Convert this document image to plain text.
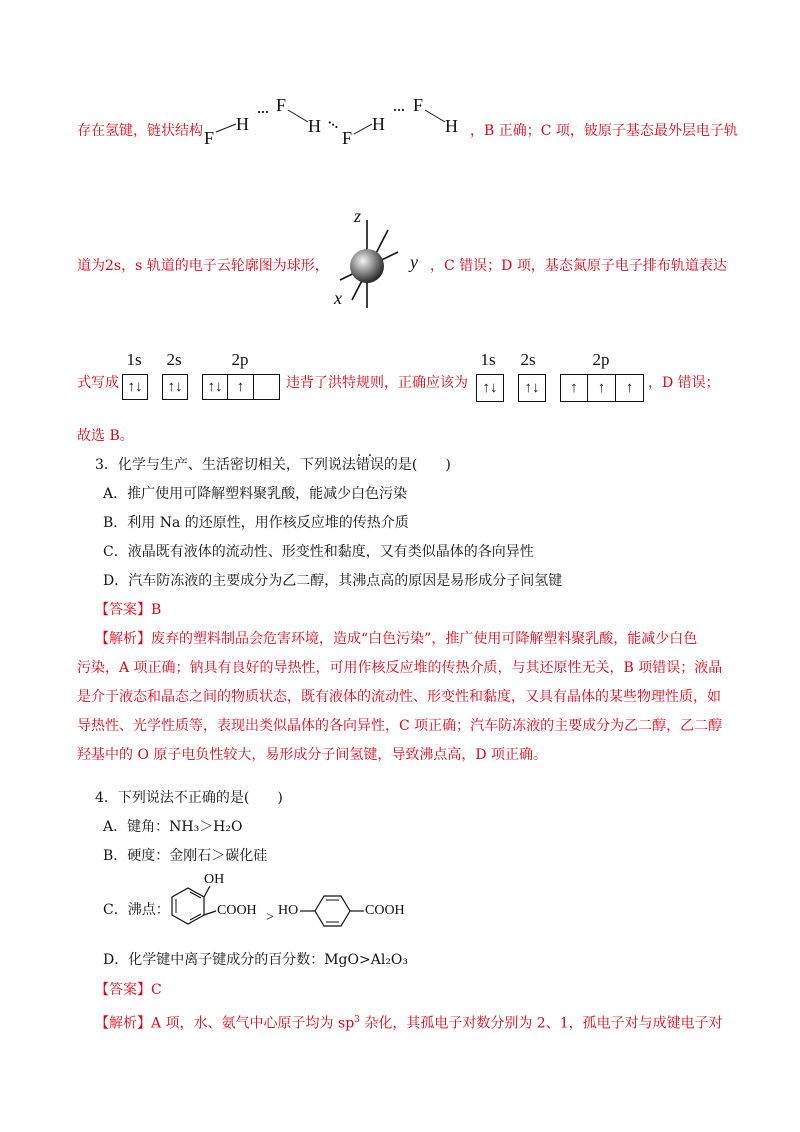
存在氢键，链状结构 F
H
··· F
H ···
F
H
··· F
H ，B 正确；C 项，铍原子基态最外层电子轨
道为2s，s 轨道的电子云轮廓图为球形，
z
y
x
，C 错误；D 项，基态氮原子电子排布轨道表达
式写成
1s	2s	2p
↑↓	↑↓	↑↓ ↑	违背了洪特规则，正确应该为
1s	2s	2p
↑↓	↑↓	↑	↑	↑	，D 错误；
故选 B。
3．化学与生产、生活密切相关，下列说法· · 错误的是(　　)
A．推广使用可降解塑料聚乳酸，能减少白色污染
B．利用 Na 的还原性，用作核反应堆的传热介质
C．液晶既有液体的流动性、形变性和黏度，又有类似晶体的各向异性
D．汽车防冻液的主要成分为乙二醇，其沸点高的原因是易形成分子间氢键
【答案】B
【解析】废弃的塑料制品会危害环境，造成“白色污染”，推广使用可降解塑料聚乳酸，能减少白色
污染，A 项正确；钠具有良好的导热性，可用作核反应堆的传热介质，与其还原性无关，B 项错误；液晶
是介于液态和晶态之间的物质状态，既有液体的流动性、形变性和黏度，又具有晶体的某些物理性质，如
导热性、光学性质等，表现出类似晶体的各向异性，C 项正确；汽车防冻液的主要成分为乙二醇，乙二醇
羟基中的 O 原子电负性较大，易形成分子间氢键，导致沸点高，D 项正确。
4．下列说法不正确的是(　　)
A．键角：NH₃＞H₂O
B．硬度：金刚石＞碳化硅
C．沸点：
OH
COOH > HO	COOH
D．化学键中离子键成分的百分数：MgO>Al₂O₃
【答案】C
【解析】A 项，水、氨气中心原子均为 $sp^3$ 杂化，其孤电子对数分别为 2、1，孤电子对与成键电子对
